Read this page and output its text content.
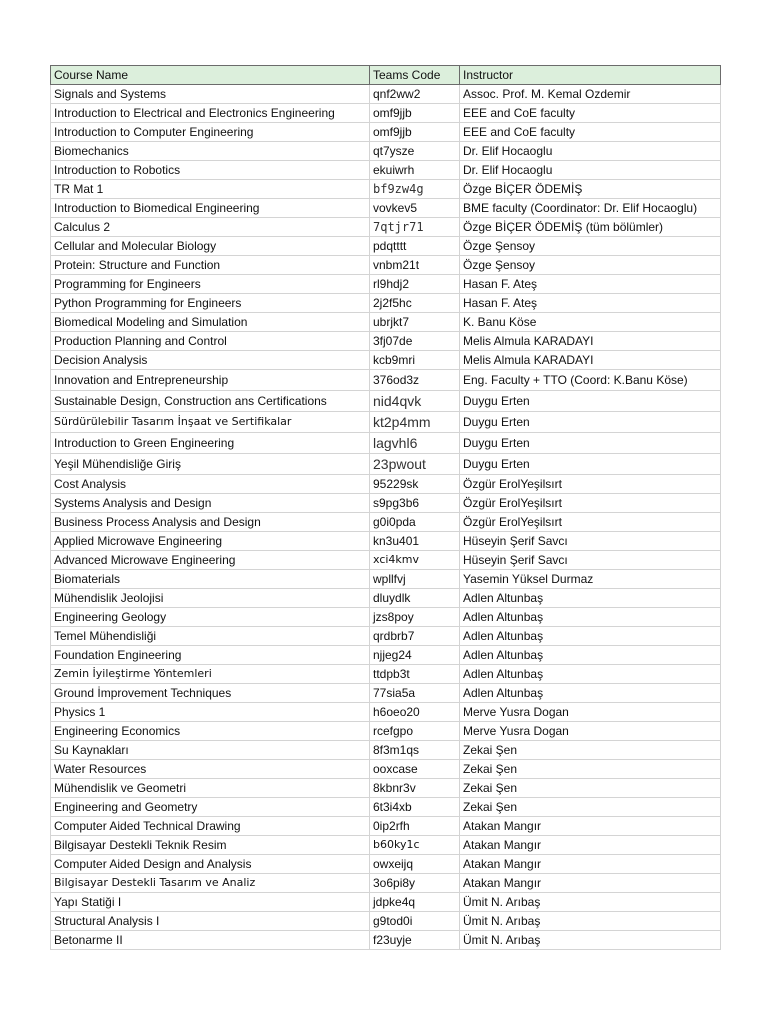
Course Name	Teams Code	Instructor
Signals and Systems	qnf2ww2	Assoc. Prof. M. Kemal Ozdemir
Introduction to Electrical and Electronics Engineering	omf9jjb	EEE and CoE faculty
Introduction to Computer Engineering	omf9jjb	EEE and CoE faculty
Biomechanics	qt7ysze	Dr. Elif Hocaoglu
Introduction to Robotics	ekuiwrh	Dr. Elif Hocaoglu
TR Mat 1	bf9zw4g	Özge BİÇER ÖDEMİŞ
Introduction to Biomedical Engineering	vovkev5	BME faculty (Coordinator: Dr. Elif Hocaoglu)
Calculus 2	7qtjr71	Özge BİÇER ÖDEMİŞ (tüm bölümler)
Cellular and Molecular Biology	pdqtttt	Özge Şensoy
Protein: Structure and Function	vnbm21t	Özge Şensoy
Programming for Engineers	rl9hdj2	Hasan F. Ateş
Python Programming for Engineers	2j2f5hc	Hasan F. Ateş
Biomedical Modeling and Simulation	ubrjkt7	K. Banu Köse
Production Planning and Control	3fj07de	Melis Almula KARADAYI
Decision Analysis	kcb9mri	Melis Almula KARADAYI
Innovation and Entrepreneurship	376od3z	Eng. Faculty + TTO (Coord: K.Banu Köse)
Sustainable Design, Construction ans Certifications	nid4qvk	Duygu Erten
Sürdürülebilir Tasarım İnşaat ve Sertifikalar	kt2p4mm	Duygu Erten
Introduction to Green Engineering	lagvhl6	Duygu Erten
Yeşil Mühendisliğe Giriş	23pwout	Duygu Erten
Cost Analysis	95229sk	Özgür ErolYeşilsırt
Systems Analysis and Design	s9pg3b6	Özgür ErolYeşilsırt
Business Process Analysis and Design	g0i0pda	Özgür ErolYeşilsırt
Applied Microwave Engineering	kn3u401	Hüseyin Şerif Savcı
Advanced Microwave Engineering	xci4kmv	Hüseyin Şerif Savcı
Biomaterials	wpllfvj	Yasemin Yüksel Durmaz
Mühendislik Jeolojisi	dluydlk	Adlen Altunbaş
Engineering Geology	jzs8poy	Adlen Altunbaş
Temel Mühendisliği	qrdbrb7	Adlen Altunbaş
Foundation Engineering	njjeg24	Adlen Altunbaş
Zemin İyileştirme Yöntemleri	ttdpb3t	Adlen Altunbaş
Ground İmprovement Techniques	77sia5a	Adlen Altunbaş
Physics 1	h6oeo20	Merve Yusra Dogan
Engineering Economics	rcefgpo	Merve Yusra Dogan
Su Kaynakları	8f3m1qs	Zekai Şen
Water Resources	ooxcase	Zekai Şen
Mühendislik ve Geometri	8kbnr3v	Zekai Şen
Engineering and Geometry	6t3i4xb	Zekai Şen
Computer Aided Technical Drawing	0ip2rfh	Atakan Mangır
Bilgisayar Destekli Teknik Resim	b60ky1c	Atakan Mangır
Computer Aided Design and Analysis	owxeijq	Atakan Mangır
Bilgisayar Destekli Tasarım ve Analiz	3o6pi8y	Atakan Mangır
Yapı Statiği I	jdpke4q	Ümit N. Arıbaş
Structural Analysis I	g9tod0i	Ümit N. Arıbaş
Betonarme II	f23uyje	Ümit N. Arıbaş
